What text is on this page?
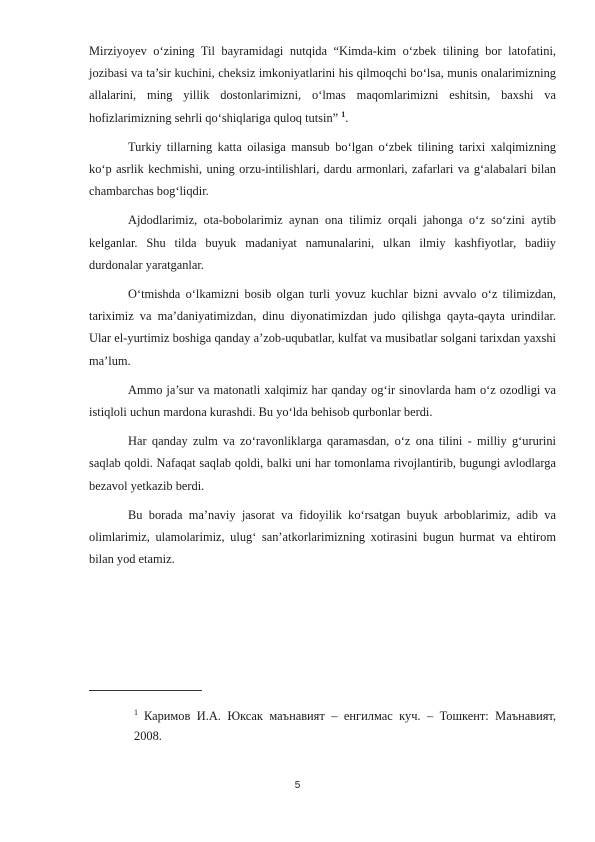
Mirziyoyev o‘zining Til bayramidagi nutqida “Kimda-kim o‘zbek tilining bor latofatini, jozibasi va ta’sir kuchini, cheksiz imkoniyatlarini his qilmoqchi bo‘lsa, munis onalarimizning allalarini, ming yillik dostonlarimizni, o‘lmas maqomlarimizni eshitsin, baxshi va hofizlarimizning sehrli qo‘shiqlariga quloq tutsin” $^1$.

Turkiy tillarning katta oilasiga mansub bo‘lgan o‘zbek tilining tarixi xalqimizning ko‘p asrlik kechmishi, uning orzu-intilishlari, dardu armonlari, zafarlari va g‘alabalari bilan chambarchas bog‘liqdir.

Ajdodlarimiz, ota-bobolarimiz aynan ona tilimiz orqali jahonga o‘z so‘zini aytib kelganlar. Shu tilda buyuk madaniyat namunalarini, ulkan ilmiy kashfiyotlar, badiiy durdonalar yaratganlar.

O‘tmishda o‘lkamizni bosib olgan turli yovuz kuchlar bizni avvalo o‘z tilimizdan, tariximiz va ma’daniyatimizdan, dinu diyonatimizdan judo qilishga qayta-qayta urindilar. Ular el-yurtimiz boshiga qanday a’zob-uqubatlar, kulfat va musibatlar solgani tarixdan yaxshi ma’lum.

Ammo ja’sur va matonatli xalqimiz har qanday og‘ir sinovlarda ham o‘z ozodligi va istiqloli uchun mardona kurashdi. Bu yo‘lda behisob qurbonlar berdi.

Har qanday zulm va zo‘ravonliklarga qaramasdan, o‘z ona tilini - milliy g‘ururini saqlab qoldi. Nafaqat saqlab qoldi, balki uni har tomonlama rivojlantirib, bugungi avlodlarga bezavol yetkazib berdi.

Bu borada ma’naviy jasorat va fidoyilik ko‘rsatgan buyuk arboblarimiz, adib va olimlarimiz, ulamolarimiz, ulug‘ san’atkorlarimizning xotirasini bugun hurmat va ehtirom bilan yod etamiz.

$^1$ Каримов И.А. Юксак маънавият – енгилмас куч. – Тошкент: Маънавият, 2008.
5
